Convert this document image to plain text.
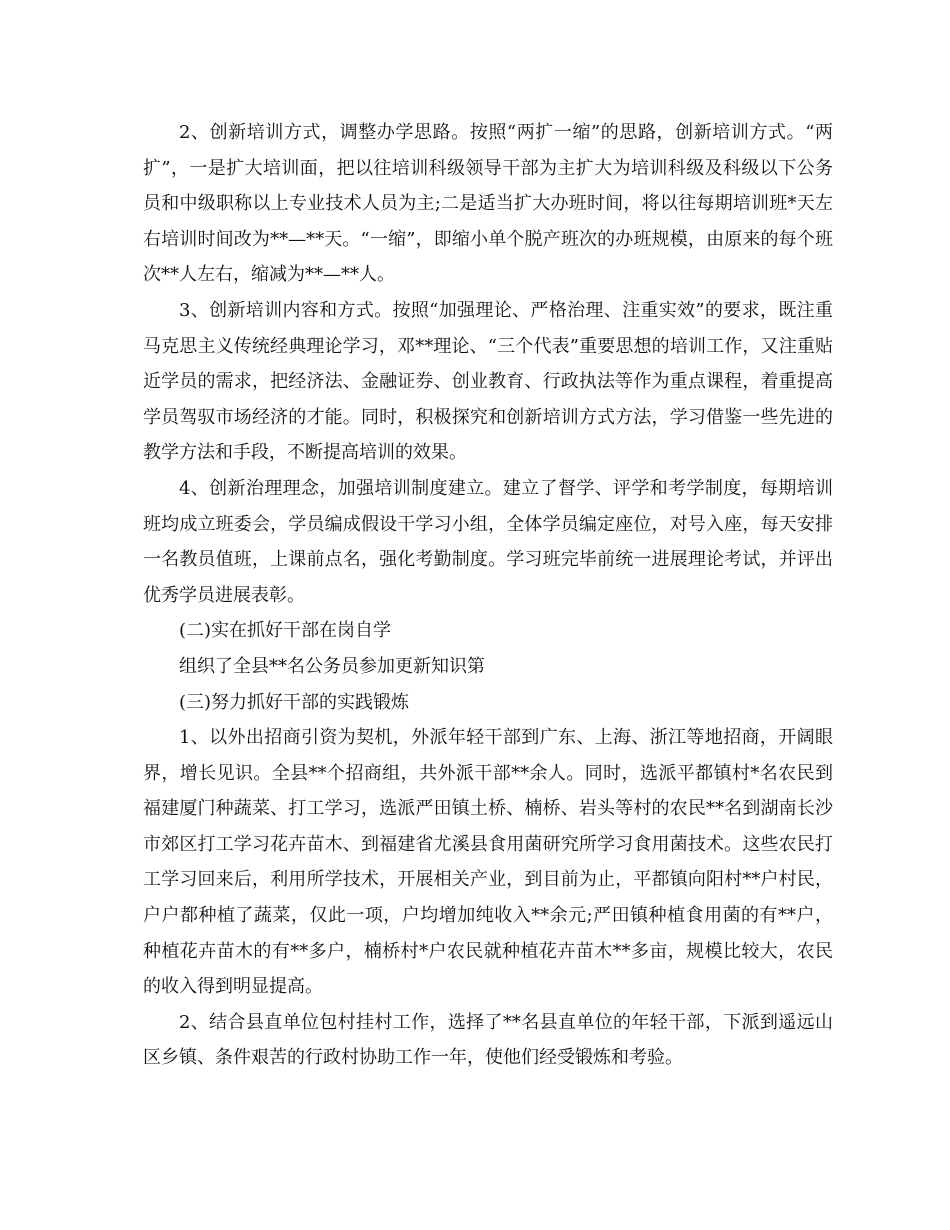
2、创新培训方式，调整办学思路。按照“两扩一缩”的思路，创新培训方式。“两扩”，一是扩大培训面，把以往培训科级领导干部为主扩大为培训科级及科级以下公务员和中级职称以上专业技术人员为主;二是适当扩大办班时间，将以往每期培训班*天左右培训时间改为**—**天。“一缩”，即缩小单个脱产班次的办班规模，由原来的每个班次**人左右，缩减为**—**人。

3、创新培训内容和方式。按照“加强理论、严格治理、注重实效”的要求，既注重马克思主义传统经典理论学习，邓**理论、“三个代表”重要思想的培训工作，又注重贴近学员的需求，把经济法、金融证券、创业教育、行政执法等作为重点课程，着重提高学员驾驭市场经济的才能。同时，积极探究和创新培训方式方法，学习借鉴一些先进的教学方法和手段，不断提高培训的效果。

4、创新治理理念，加强培训制度建立。建立了督学、评学和考学制度，每期培训班均成立班委会，学员编成假设干学习小组，全体学员编定座位，对号入座，每天安排一名教员值班，上课前点名，强化考勤制度。学习班完毕前统一进展理论考试，并评出优秀学员进展表彰。

(二)实在抓好干部在岗自学

组织了全县**名公务员参加更新知识第

(三)努力抓好干部的实践锻炼

1、以外出招商引资为契机，外派年轻干部到广东、上海、浙江等地招商，开阔眼界，增长见识。全县**个招商组，共外派干部**余人。同时，选派平都镇村*名农民到福建厦门种蔬菜、打工学习，选派严田镇土桥、楠桥、岩头等村的农民**名到湖南长沙市郊区打工学习花卉苗木、到福建省尤溪县食用菌研究所学习食用菌技术。这些农民打工学习回来后，利用所学技术，开展相关产业，到目前为止，平都镇向阳村**户村民，户户都种植了蔬菜，仅此一项，户均增加纯收入**余元;严田镇种植食用菌的有**户，种植花卉苗木的有**多户，楠桥村*户农民就种植花卉苗木**多亩，规模比较大，农民的收入得到明显提高。

2、结合县直单位包村挂村工作，选择了**名县直单位的年轻干部，下派到遥远山区乡镇、条件艰苦的行政村协助工作一年，使他们经受锻炼和考验。
